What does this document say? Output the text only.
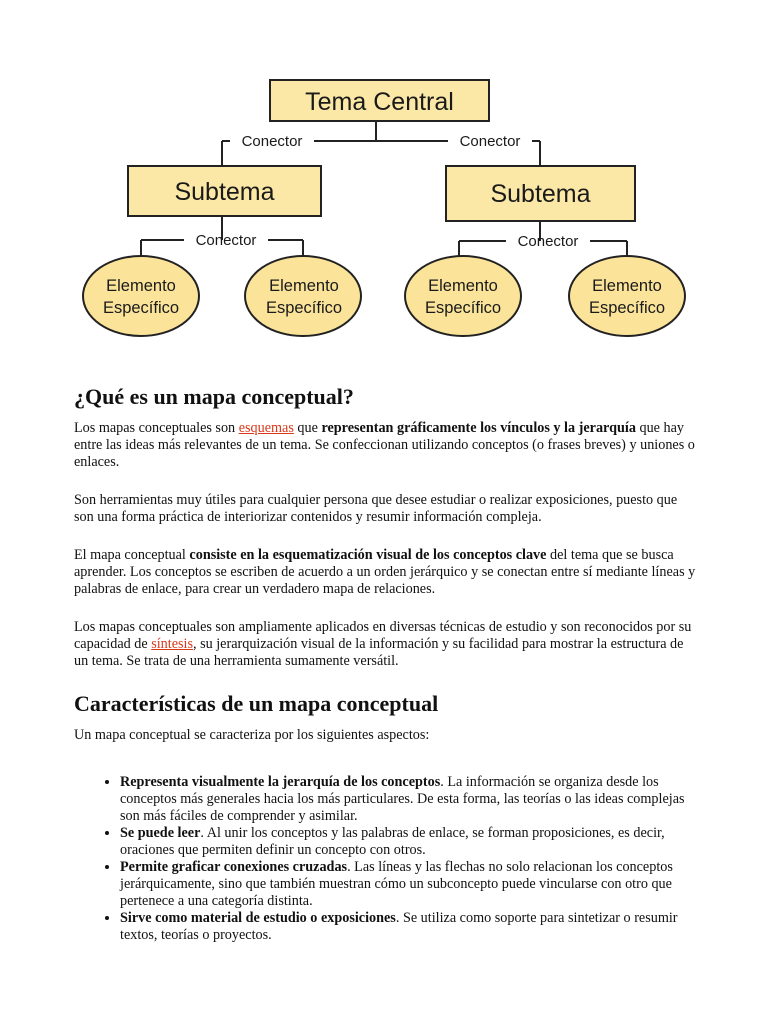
Tema Central
Conector	Conector
Subtema	Subtema
Conector	Conector
Elemento
Específico
Elemento
Específico
Elemento
Específico
Elemento
Específico
¿Qué es un mapa conceptual?

Los mapas conceptuales son esquemas que representan gráficamente los vínculos y la jerarquía que hay entre las ideas más relevantes de un tema. Se confeccionan utilizando conceptos (o frases breves) y uniones o enlaces.

Son herramientas muy útiles para cualquier persona que desee estudiar o realizar exposiciones, puesto que son una forma práctica de interiorizar contenidos y resumir información compleja.

El mapa conceptual consiste en la esquematización visual de los conceptos clave del tema que se busca aprender. Los conceptos se escriben de acuerdo a un orden jerárquico y se conectan entre sí mediante líneas y palabras de enlace, para crear un verdadero mapa de relaciones.

Los mapas conceptuales son ampliamente aplicados en diversas técnicas de estudio y son reconocidos por su capacidad de síntesis, su jerarquización visual de la información y su facilidad para mostrar la estructura de un tema. Se trata de una herramienta sumamente versátil.

Características de un mapa conceptual

Un mapa conceptual se caracteriza por los siguientes aspectos:

• Representa visualmente la jerarquía de los conceptos. La información se organiza desde los conceptos más generales hacia los más particulares. De esta forma, las teorías o las ideas complejas son más fáciles de comprender y asimilar.
• Se puede leer. Al unir los conceptos y las palabras de enlace, se forman proposiciones, es decir, oraciones que permiten definir un concepto con otros.
• Permite graficar conexiones cruzadas. Las líneas y las flechas no solo relacionan los conceptos jerárquicamente, sino que también muestran cómo un subconcepto puede vincularse con otro que pertenece a una categoría distinta.
• Sirve como material de estudio o exposiciones. Se utiliza como soporte para sintetizar o resumir textos, teorías o proyectos.
